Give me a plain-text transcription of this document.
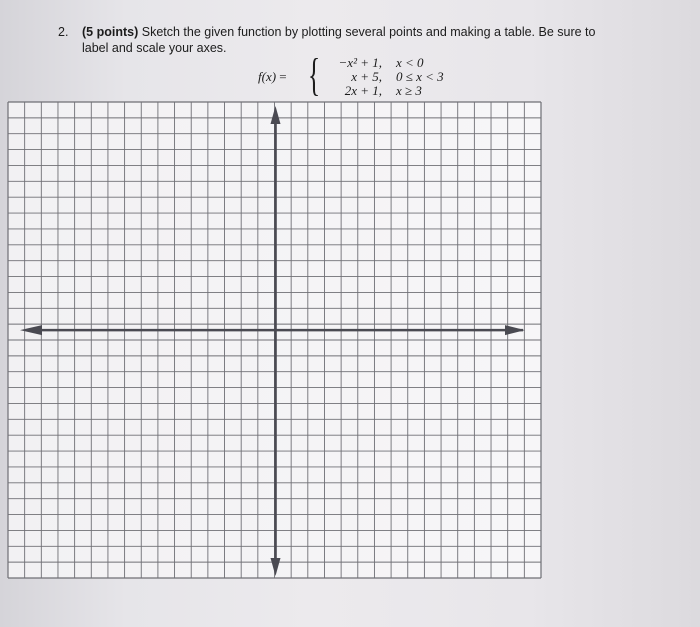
2. (5 points) Sketch the given function by plotting several points and making a table. Be sure to
label and scale your axes.
f(x) = {	−x² + 1, x < 0
x + 5, 0 ≤ x < 3
2x + 1, x ≥ 3
